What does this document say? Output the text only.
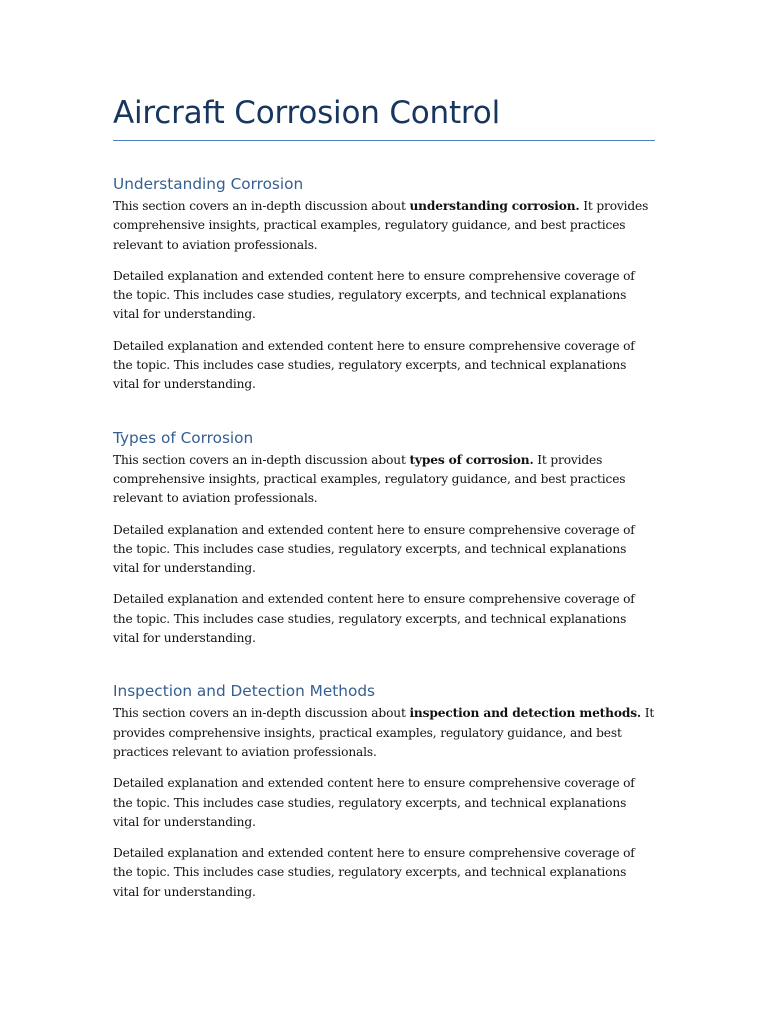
Aircraft Corrosion Control
Understanding Corrosion

This section covers an in-depth discussion about understanding corrosion. It provides comprehensive insights, practical examples, regulatory guidance, and best practices relevant to aviation professionals.

Detailed explanation and extended content here to ensure comprehensive coverage of the topic. This includes case studies, regulatory excerpts, and technical explanations vital for understanding.

Detailed explanation and extended content here to ensure comprehensive coverage of the topic. This includes case studies, regulatory excerpts, and technical explanations vital for understanding.

Types of Corrosion

This section covers an in-depth discussion about types of corrosion. It provides comprehensive insights, practical examples, regulatory guidance, and best practices relevant to aviation professionals.

Detailed explanation and extended content here to ensure comprehensive coverage of the topic. This includes case studies, regulatory excerpts, and technical explanations vital for understanding.

Detailed explanation and extended content here to ensure comprehensive coverage of the topic. This includes case studies, regulatory excerpts, and technical explanations vital for understanding.

Inspection and Detection Methods

This section covers an in-depth discussion about inspection and detection methods. It provides comprehensive insights, practical examples, regulatory guidance, and best practices relevant to aviation professionals.

Detailed explanation and extended content here to ensure comprehensive coverage of the topic. This includes case studies, regulatory excerpts, and technical explanations vital for understanding.

Detailed explanation and extended content here to ensure comprehensive coverage of the topic. This includes case studies, regulatory excerpts, and technical explanations vital for understanding.
